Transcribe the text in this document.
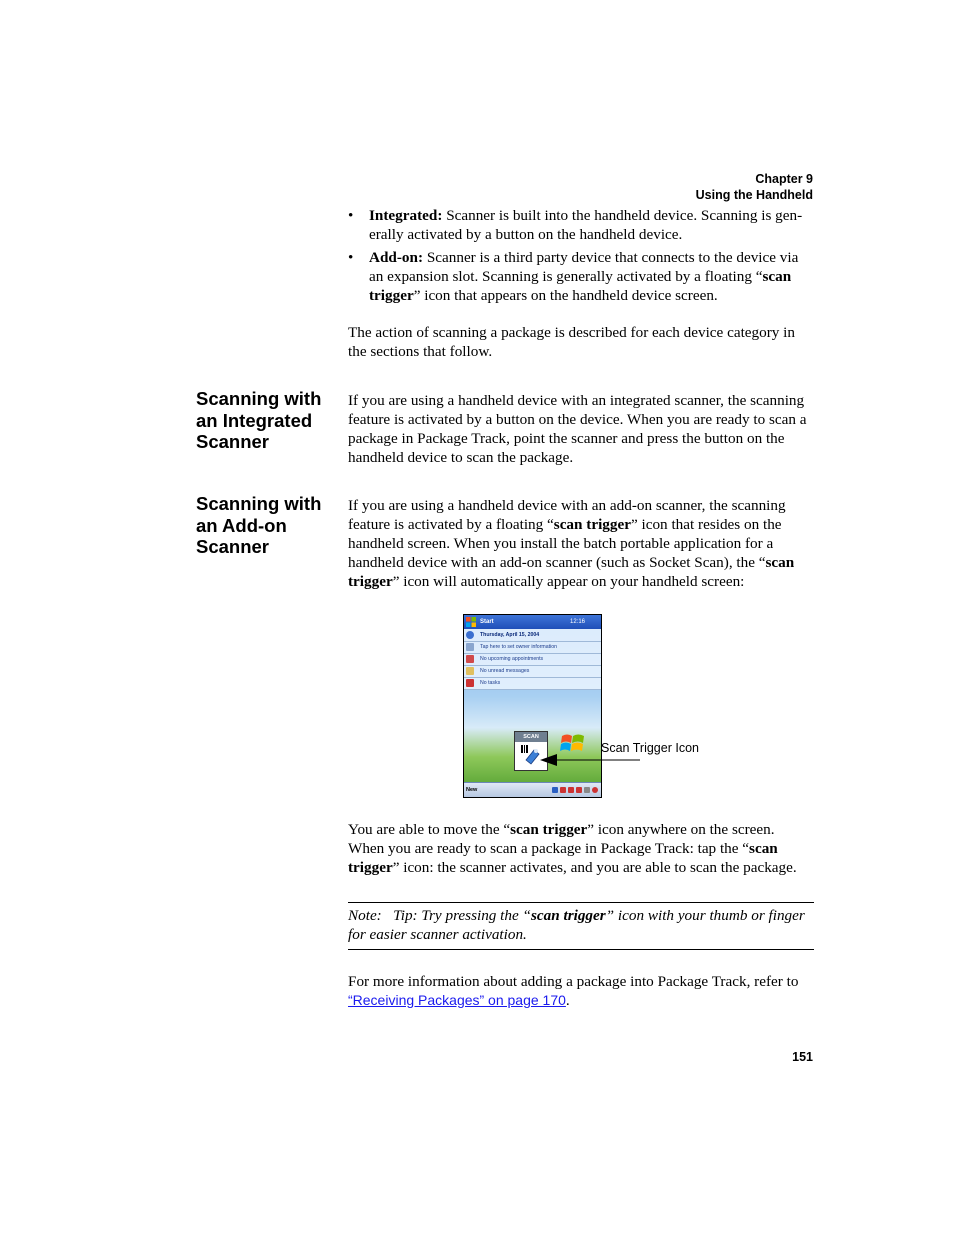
Chapter 9
Using the Handheld
• Integrated: Scanner is built into the handheld device. Scanning is gen-erally activated by a button on the handheld device.
• Add-on: Scanner is a third party device that connects to the device via an expansion slot. Scanning is generally activated by a floating “scan trigger” icon that appears on the handheld device screen.
The action of scanning a package is described for each device category in the sections that follow.
Scanning with an Integrated Scanner
If you are using a handheld device with an integrated scanner, the scanning feature is activated by a button on the device. When you are ready to scan a package in Package Track, point the scanner and press the button on the handheld device to scan the package.
Scanning with an Add-on Scanner
If you are using a handheld device with an add-on scanner, the scanning feature is activated by a floating “scan trigger” icon that resides on the handheld screen. When you install the batch portable application for a handheld device with an add-on scanner (such as Socket Scan), the “scan trigger” icon will automatically appear on your handheld screen:
Start	12:16
Thursday, April 15, 2004
Tap here to set owner information
No upcoming appointments
No unread messages
No tasks
SCAN
New
Scan Trigger Icon
You are able to move the “scan trigger” icon anywhere on the screen. When you are ready to scan a package in Package Track: tap the “scan trigger” icon: the scanner activates, and you are able to scan the package.
Note: Tip: Try pressing the “scan trigger” icon with your thumb or finger for easier scanner activation.
For more information about adding a package into Package Track, refer to “Receiving Packages” on page 170.
151
